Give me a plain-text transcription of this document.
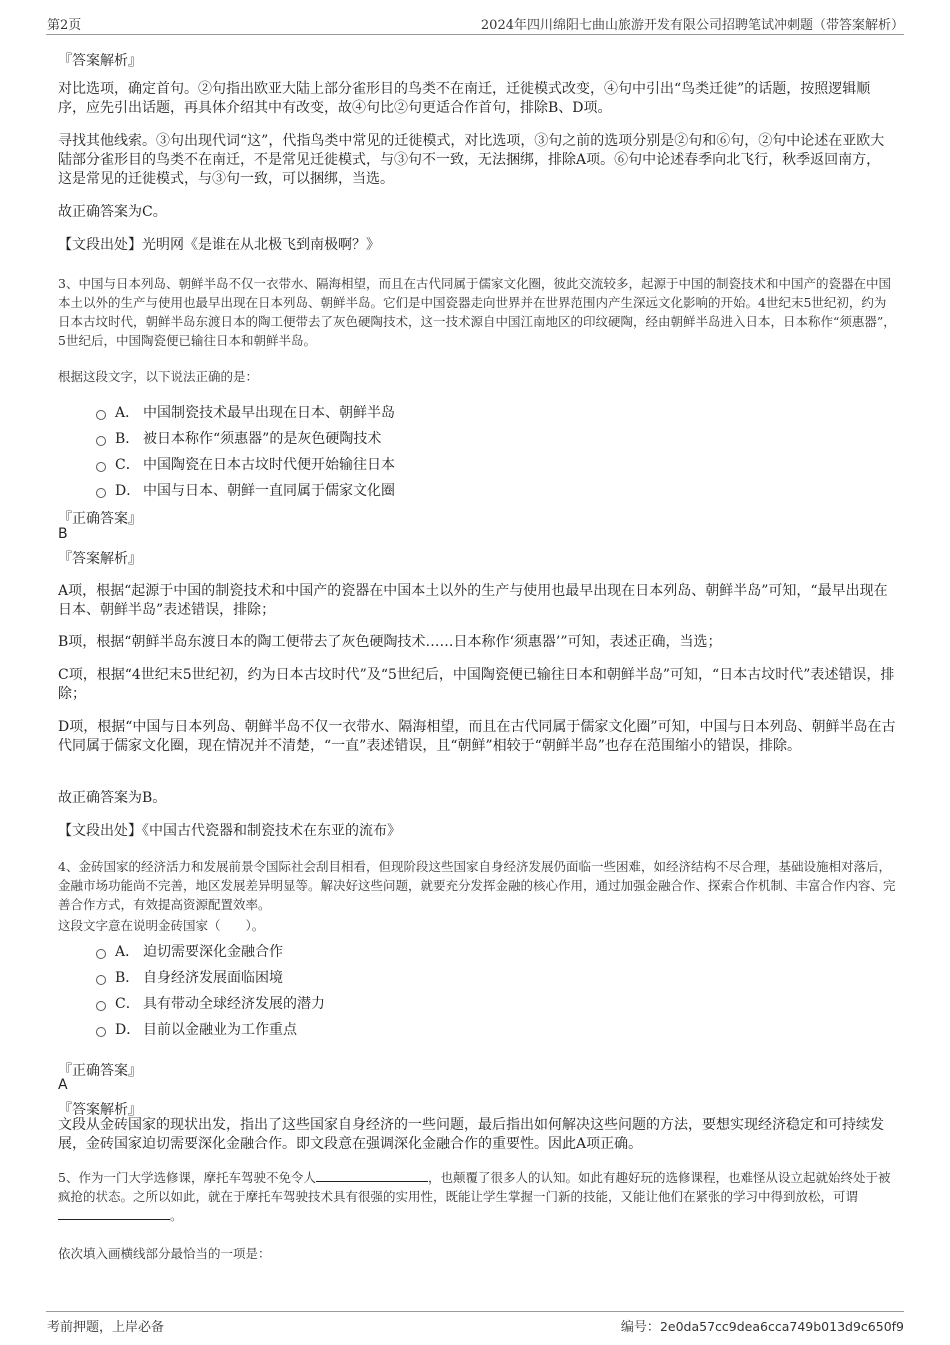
第2页	2024年四川绵阳七曲山旅游开发有限公司招聘笔试冲刺题（带答案解析）
『答案解析』
对比选项，确定首句。②句指出欧亚大陆上部分雀形目的鸟类不在南迁，迁徙模式改变，④句中引出“鸟类迁徙”的话题，按照逻辑顺序，应先引出话题，再具体介绍其中有改变，故④句比②句更适合作首句，排除B、D项。
寻找其他线索。③句出现代词“这”，代指鸟类中常见的迁徙模式，对比选项，③句之前的选项分别是②句和⑥句，②句中论述在亚欧大陆部分雀形目的鸟类不在南迁，不是常见迁徙模式，与③句不一致，无法捆绑，排除A项。⑥句中论述春季向北飞行，秋季返回南方，这是常见的迁徙模式，与③句一致，可以捆绑，当选。
故正确答案为C。
【文段出处】光明网《是谁在从北极飞到南极啊？》
3、中国与日本列岛、朝鲜半岛不仅一衣带水、隔海相望，而且在古代同属于儒家文化圈，彼此交流较多，起源于中国的制瓷技术和中国产的瓷器在中国本土以外的生产与使用也最早出现在日本列岛、朝鲜半岛。它们是中国瓷器走向世界并在世界范围内产生深远文化影响的开始。4世纪末5世纪初，约为日本古坟时代，朝鲜半岛东渡日本的陶工便带去了灰色硬陶技术，这一技术源自中国江南地区的印纹硬陶，经由朝鲜半岛进入日本，日本称作“须惠器”，5世纪后，中国陶瓷便已输往日本和朝鲜半岛。
根据这段文字，以下说法正确的是：
A． 中国制瓷技术最早出现在日本、朝鲜半岛
B． 被日本称作“须惠器”的是灰色硬陶技术
C． 中国陶瓷在日本古坟时代便开始输往日本
D． 中国与日本、朝鲜一直同属于儒家文化圈
『正确答案』
B
『答案解析』
A项，根据“起源于中国的制瓷技术和中国产的瓷器在中国本土以外的生产与使用也最早出现在日本列岛、朝鲜半岛”可知，“最早出现在日本、朝鲜半岛”表述错误，排除；
B项，根据“朝鲜半岛东渡日本的陶工便带去了灰色硬陶技术……日本称作‘须惠器’”可知，表述正确，当选；
C项，根据“4世纪末5世纪初，约为日本古坟时代”及“5世纪后，中国陶瓷便已输往日本和朝鲜半岛”可知，“日本古坟时代”表述错误，排除；
D项，根据“中国与日本列岛、朝鲜半岛不仅一衣带水、隔海相望，而且在古代同属于儒家文化圈”可知，中国与日本列岛、朝鲜半岛在古代同属于儒家文化圈，现在情况并不清楚，“一直”表述错误，且“朝鲜”相较于“朝鲜半岛”也存在范围缩小的错误，排除。
故正确答案为B。
【文段出处】《中国古代瓷器和制瓷技术在东亚的流布》
4、金砖国家的经济活力和发展前景令国际社会刮目相看，但现阶段这些国家自身经济发展仍面临一些困难，如经济结构不尽合理，基础设施相对落后，金融市场功能尚不完善，地区发展差异明显等。解决好这些问题，就要充分发挥金融的核心作用，通过加强金融合作、探索合作机制、丰富合作内容、完善合作方式，有效提高资源配置效率。
这段文字意在说明金砖国家（　　）。
A． 迫切需要深化金融合作
B． 自身经济发展面临困境
C． 具有带动全球经济发展的潜力
D． 目前以金融业为工作重点
『正确答案』
A
『答案解析』
文段从金砖国家的现状出发，指出了这些国家自身经济的一些问题，最后指出如何解决这些问题的方法，要想实现经济稳定和可持续发展，金砖国家迫切需要深化金融合作。即文段意在强调深化金融合作的重要性。因此A项正确。
5、作为一门大学选修课，摩托车驾驶不免令人	，也颠覆了很多人的认知。如此有趣好玩的选修课程，也难怪从设立起就始终处于被疯抢的状态。之所以如此，就在于摩托车驾驶技术具有很强的实用性，既能让学生掌握一门新的技能，又能让他们在紧张的学习中得到放松，可谓。
依次填入画横线部分最恰当的一项是：
考前押题，上岸必备	编号：2e0da57cc9dea6cca749b013d9c650f9
